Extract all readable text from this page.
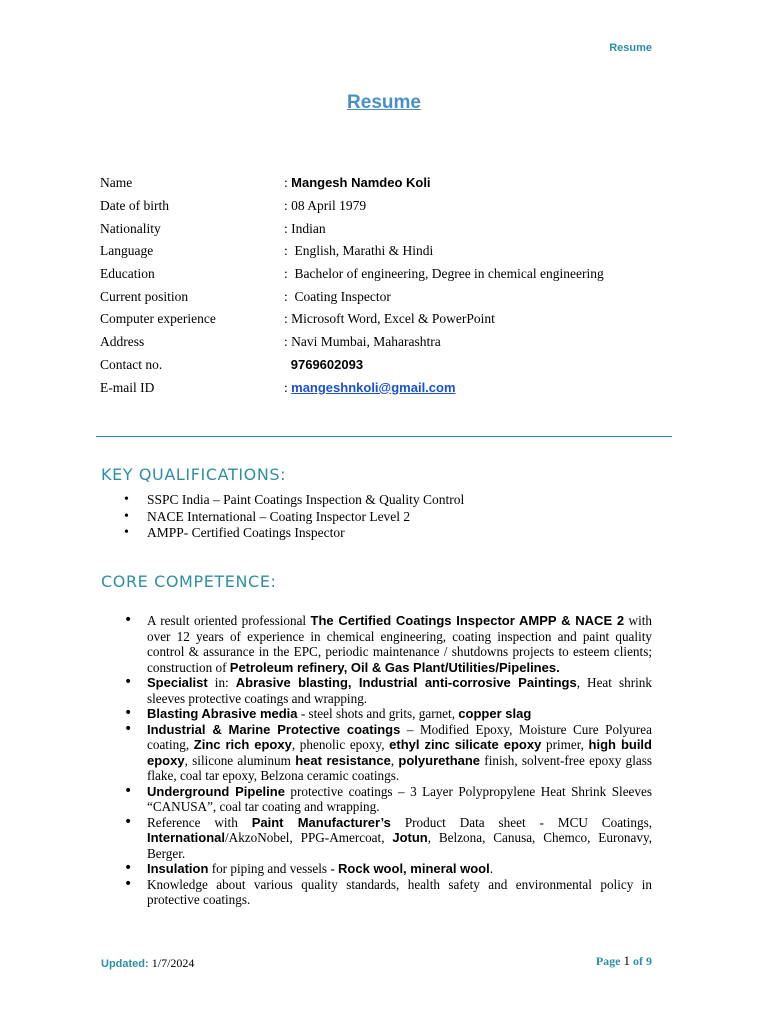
Resume
Resume
Name	: Mangesh Namdeo Koli
Date of birth	: 08 April 1979
Nationality	: Indian
Language	:  English, Marathi & Hindi
Education	:  Bachelor of engineering, Degree in chemical engineering
Current position	:  Coating Inspector
Computer experience	: Microsoft Word, Excel & PowerPoint
Address	: Navi Mumbai, Maharashtra
Contact no.	9769602093
E-mail ID	: mangeshnkoli@gmail.com
KEY QUALIFICATIONS:
• SSPC India – Paint Coatings Inspection & Quality Control
• NACE International – Coating Inspector Level 2
• AMPP- Certified Coatings Inspector
CORE COMPETENCE:
• A result oriented professional The Certified Coatings Inspector AMPP & NACE 2 with over 12 years of experience in chemical engineering, coating inspection and paint quality control & assurance in the EPC, periodic maintenance / shutdowns projects to esteem clients; construction of Petroleum refinery, Oil & Gas Plant/Utilities/Pipelines.
• Specialist in: Abrasive blasting, Industrial anti-corrosive Paintings, Heat shrink sleeves protective coatings and wrapping.
• Blasting Abrasive media - steel shots and grits, garnet, copper slag
• Industrial & Marine Protective coatings – Modified Epoxy, Moisture Cure Polyurea coating, Zinc rich epoxy, phenolic epoxy, ethyl zinc silicate epoxy primer, high build epoxy, silicone aluminum heat resistance, polyurethane finish, solvent-free epoxy glass flake, coal tar epoxy, Belzona ceramic coatings.
• Underground Pipeline protective coatings – 3 Layer Polypropylene Heat Shrink Sleeves “CANUSA”, coal tar coating and wrapping.
• Reference with Paint Manufacturer’s Product Data sheet - MCU Coatings, International/AkzoNobel, PPG-Amercoat, Jotun, Belzona, Canusa, Chemco, Euronavy, Berger.
• Insulation for piping and vessels - Rock wool, mineral wool.
• Knowledge about various quality standards, health safety and environmental policy in protective coatings.
Updated: 1/7/2024	Page 1 of 9
